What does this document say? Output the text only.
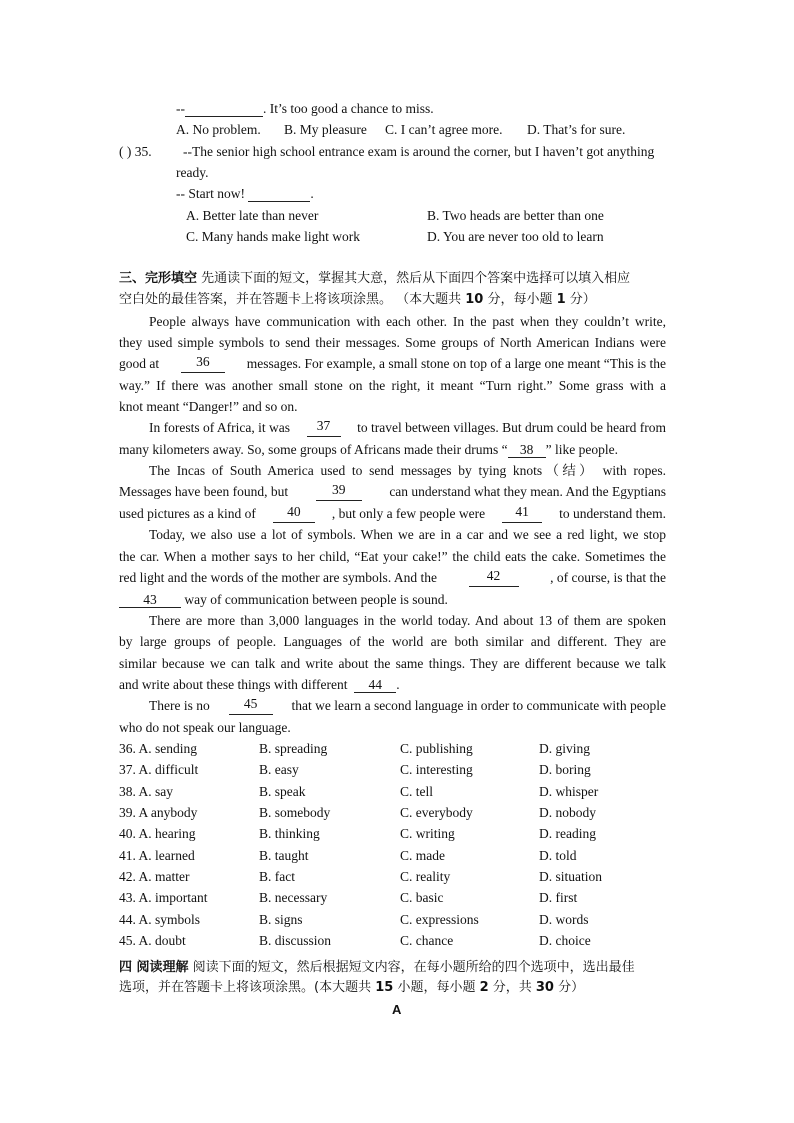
--	. It’s too good a chance to miss.
A. No problem. B. My pleasure C. I can’t agree more. D. That’s for sure.
( ) 35. --The senior high school entrance exam is around the corner, but I haven’t got anything
ready.
-- Start now!	.
A. Better late than never	B. Two heads are better than one
C. Many hands make light work	D. You are never too old to learn
三、完形填空 先通读下面的短文，掌握其大意，然后从下面四个答案中选择可以填入相应
空白处的最佳答案，并在答题卡上将该项涂黑。 （本大题共 10 分，每小题 1 分）
People always have communication with each other. In the past when they couldn’t write,
they used simple symbols to send their messages. Some groups of North American Indians were
good at	36	messages. For example, a small stone on top of a large one meant “This is the
way.” If there was another small stone on the right, it meant “Turn right.” Some grass with a
knot meant “Danger!” and so on.
In forests of Africa, it was	37	to travel between villages. But drum could be heard from
many kilometers away. So, some groups of Africans made their drums “ 38 ” like people.
The Incas of South America used to send messages by tying knots（结） with ropes.
Messages have been found, but	39	can understand what they mean. And the Egyptians
used pictures as a kind of	40	, but only a few people were	41	to understand them.
Today, we also use a lot of symbols. When we are in a car and we see a red light, we stop
the car. When a mother says to her child, “Eat your cake!” the child eats the cake. Sometimes the
red light and the words of the mother are symbols. And the	42	, of course, is that the
43 way of communication between people is sound.
There are more than 3,000 languages in the world today. And about 13 of them are spoken
by large groups of people. Languages of the world are both similar and different. They are
similar because we can talk and write about the same things. They are different because we talk
and write about these things with different 44 .
There is no	45	that we learn a second language in order to communicate with people
who do not speak our language.
36. A. sending	B. spreading	C. publishing	D. giving
37. A. difficult	B. easy	C. interesting	D. boring
38. A. say	B. speak	C. tell	D. whisper
39. A anybody	B. somebody	C. everybody	D. nobody
40. A. hearing	B. thinking	C. writing	D. reading
41. A. learned	B. taught	C. made	D. told
42. A. matter	B. fact	C. reality	D. situation
43. A. important	B. necessary	C. basic	D. first
44. A. symbols	B. signs	C. expressions	D. words
45. A. doubt	B. discussion	C. chance	D. choice
四 阅读理解 阅读下面的短文，然后根据短文内容，在每小题所给的四个选项中，选出最佳
选项，并在答题卡上将该项涂黑。(本大题共 15 小题，每小题 2 分，共 30 分）
A
